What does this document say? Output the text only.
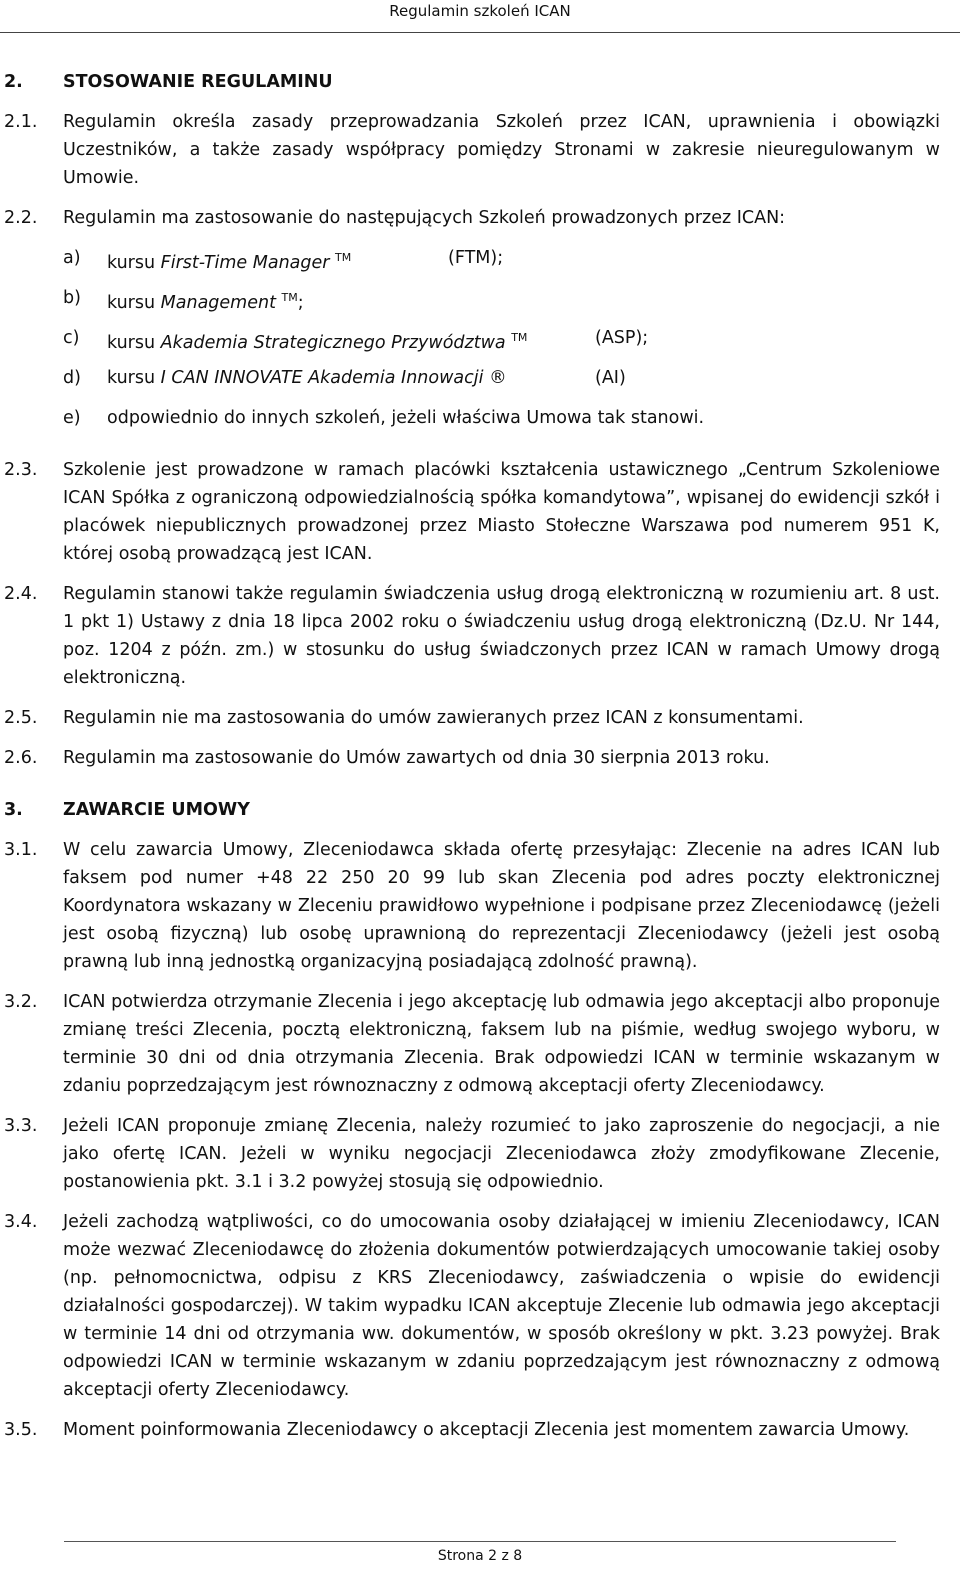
Regulamin szkoleń ICAN
2. STOSOWANIE REGULAMINU
2.1. Regulamin określa zasady przeprowadzania Szkoleń przez ICAN, uprawnienia i obowiązki Uczestników, a także zasady współpracy pomiędzy Stronami w zakresie nieuregulowanym w Umowie.
2.2. Regulamin ma zastosowanie do następujących Szkoleń prowadzonych przez ICAN:
a) kursu First-Time Manager ™	(FTM);
b) kursu Management ™;
c) kursu Akademia Strategicznego Przywództwa ™	(ASP);
d) kursu I CAN INNOVATE Akademia Innowacji ®	(AI)
e) odpowiednio do innych szkoleń, jeżeli właściwa Umowa tak stanowi.
2.3. Szkolenie jest prowadzone w ramach placówki kształcenia ustawicznego „Centrum Szkoleniowe ICAN Spółka z ograniczoną odpowiedzialnością spółka komandytowa”, wpisanej do ewidencji szkół i placówek niepublicznych prowadzonej przez Miasto Stołeczne Warszawa pod numerem 951 K, której osobą prowadzącą jest ICAN.
2.4. Regulamin stanowi także regulamin świadczenia usług drogą elektroniczną w rozumieniu art. 8 ust. 1 pkt 1) Ustawy z dnia 18 lipca 2002 roku o świadczeniu usług drogą elektroniczną (Dz.U. Nr 144, poz. 1204 z późn. zm.) w stosunku do usług świadczonych przez ICAN w ramach Umowy drogą elektroniczną.
2.5. Regulamin nie ma zastosowania do umów zawieranych przez ICAN z konsumentami.
2.6. Regulamin ma zastosowanie do Umów zawartych od dnia 30 sierpnia 2013 roku.
3. ZAWARCIE UMOWY
3.1. W celu zawarcia Umowy, Zleceniodawca składa ofertę przesyłając: Zlecenie na adres ICAN lub faksem pod numer +48 22 250 20 99 lub skan Zlecenia pod adres poczty elektronicznej Koordynatora wskazany w Zleceniu prawidłowo wypełnione i podpisane przez Zleceniodawcę (jeżeli jest osobą fizyczną) lub osobę uprawnioną do reprezentacji Zleceniodawcy (jeżeli jest osobą prawną lub inną jednostką organizacyjną posiadającą zdolność prawną).
3.2. ICAN potwierdza otrzymanie Zlecenia i jego akceptację lub odmawia jego akceptacji albo proponuje zmianę treści Zlecenia, pocztą elektroniczną, faksem lub na piśmie, według swojego wyboru, w terminie 30 dni od dnia otrzymania Zlecenia. Brak odpowiedzi ICAN w terminie wskazanym w zdaniu poprzedzającym jest równoznaczny z odmową akceptacji oferty Zleceniodawcy.
3.3. Jeżeli ICAN proponuje zmianę Zlecenia, należy rozumieć to jako zaproszenie do negocjacji, a nie jako ofertę ICAN. Jeżeli w wyniku negocjacji Zleceniodawca złoży zmodyfikowane Zlecenie, postanowienia pkt. 3.1 i 3.2 powyżej stosują się odpowiednio.
3.4. Jeżeli zachodzą wątpliwości, co do umocowania osoby działającej w imieniu Zleceniodawcy, ICAN może wezwać Zleceniodawcę do złożenia dokumentów potwierdzających umocowanie takiej osoby (np. pełnomocnictwa, odpisu z KRS Zleceniodawcy, zaświadczenia o wpisie do ewidencji działalności gospodarczej). W takim wypadku ICAN akceptuje Zlecenie lub odmawia jego akceptacji w terminie 14 dni od otrzymania ww. dokumentów, w sposób określony w pkt. 3.23 powyżej. Brak odpowiedzi ICAN w terminie wskazanym w zdaniu poprzedzającym jest równoznaczny z odmową akceptacji oferty Zleceniodawcy.
3.5. Moment poinformowania Zleceniodawcy o akceptacji Zlecenia jest momentem zawarcia Umowy.
Strona 2 z 8
